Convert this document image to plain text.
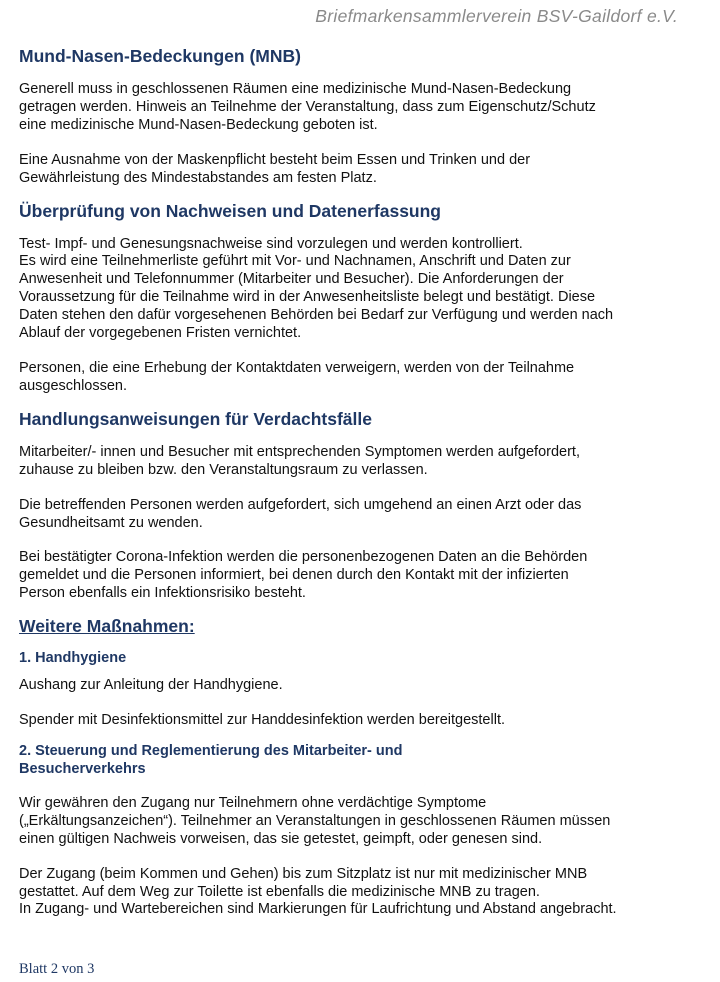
Briefmarkensammlerverein BSV-Gaildorf e.V.
Mund-Nasen-Bedeckungen (MNB)

Generell muss in geschlossenen Räumen eine medizinische Mund-Nasen-Bedeckung
getragen werden. Hinweis an Teilnehme der Veranstaltung, dass zum Eigenschutz/Schutz
eine medizinische Mund-Nasen-Bedeckung geboten ist.

Eine Ausnahme von der Maskenpflicht besteht beim Essen und Trinken und der
Gewährleistung des Mindestabstandes am festen Platz.

Überprüfung von Nachweisen und Datenerfassung

Test- Impf- und Genesungsnachweise sind vorzulegen und werden kontrolliert.
Es wird eine Teilnehmerliste geführt mit Vor- und Nachnamen, Anschrift und Daten zur
Anwesenheit und Telefonnummer (Mitarbeiter und Besucher). Die Anforderungen der
Voraussetzung für die Teilnahme wird in der Anwesenheitsliste belegt und bestätigt. Diese
Daten stehen den dafür vorgesehenen Behörden bei Bedarf zur Verfügung und werden nach
Ablauf der vorgegebenen Fristen vernichtet.

Personen, die eine Erhebung der Kontaktdaten verweigern, werden von der Teilnahme
ausgeschlossen.

Handlungsanweisungen für Verdachtsfälle

Mitarbeiter/- innen und Besucher mit entsprechenden Symptomen werden aufgefordert,
zuhause zu bleiben bzw. den Veranstaltungsraum zu verlassen.

Die betreffenden Personen werden aufgefordert, sich umgehend an einen Arzt oder das
Gesundheitsamt zu wenden.

Bei bestätigter Corona-Infektion werden die personenbezogenen Daten an die Behörden
gemeldet und die Personen informiert, bei denen durch den Kontakt mit der infizierten
Person ebenfalls ein Infektionsrisiko besteht.

Weitere Maßnahmen:
1. Handhygiene

Aushang zur Anleitung der Handhygiene.

Spender mit Desinfektionsmittel zur Handdesinfektion werden bereitgestellt.

2. Steuerung und Reglementierung des Mitarbeiter- und
Besucherverkehrs

Wir gewähren den Zugang nur Teilnehmern ohne verdächtige Symptome
(„Erkältungsanzeichen“). Teilnehmer an Veranstaltungen in geschlossenen Räumen müssen
einen gültigen Nachweis vorweisen, das sie getestet, geimpft, oder genesen sind.

Der Zugang (beim Kommen und Gehen) bis zum Sitzplatz ist nur mit medizinischer MNB
gestattet. Auf dem Weg zur Toilette ist ebenfalls die medizinische MNB zu tragen.
In Zugang- und Wartebereichen sind Markierungen für Laufrichtung und Abstand angebracht.

Blatt 2 von 3
